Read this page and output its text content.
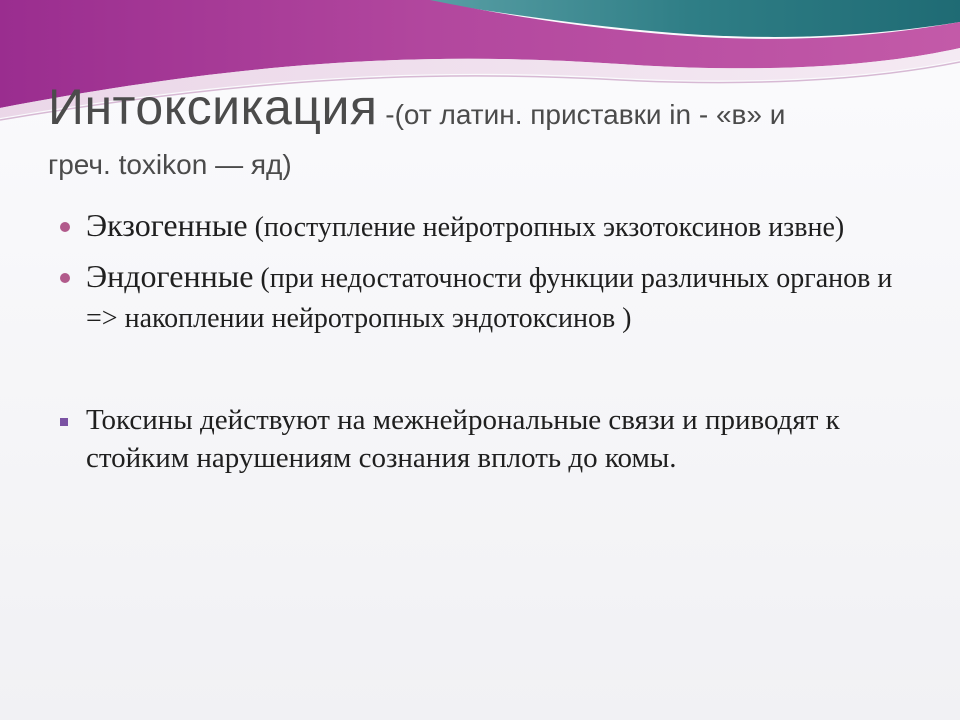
Интоксикация -(от латин. приставки in - «в» и
греч. toxikon — яд)
Экзогенные (поступление нейротропных экзотоксинов извне)
Эндогенные (при недостаточности функции различных органов и => накоплении нейротропных эндотоксинов )
Токсины действуют на межнейрональные связи и приводят к стойким нарушениям сознания вплоть до комы.
